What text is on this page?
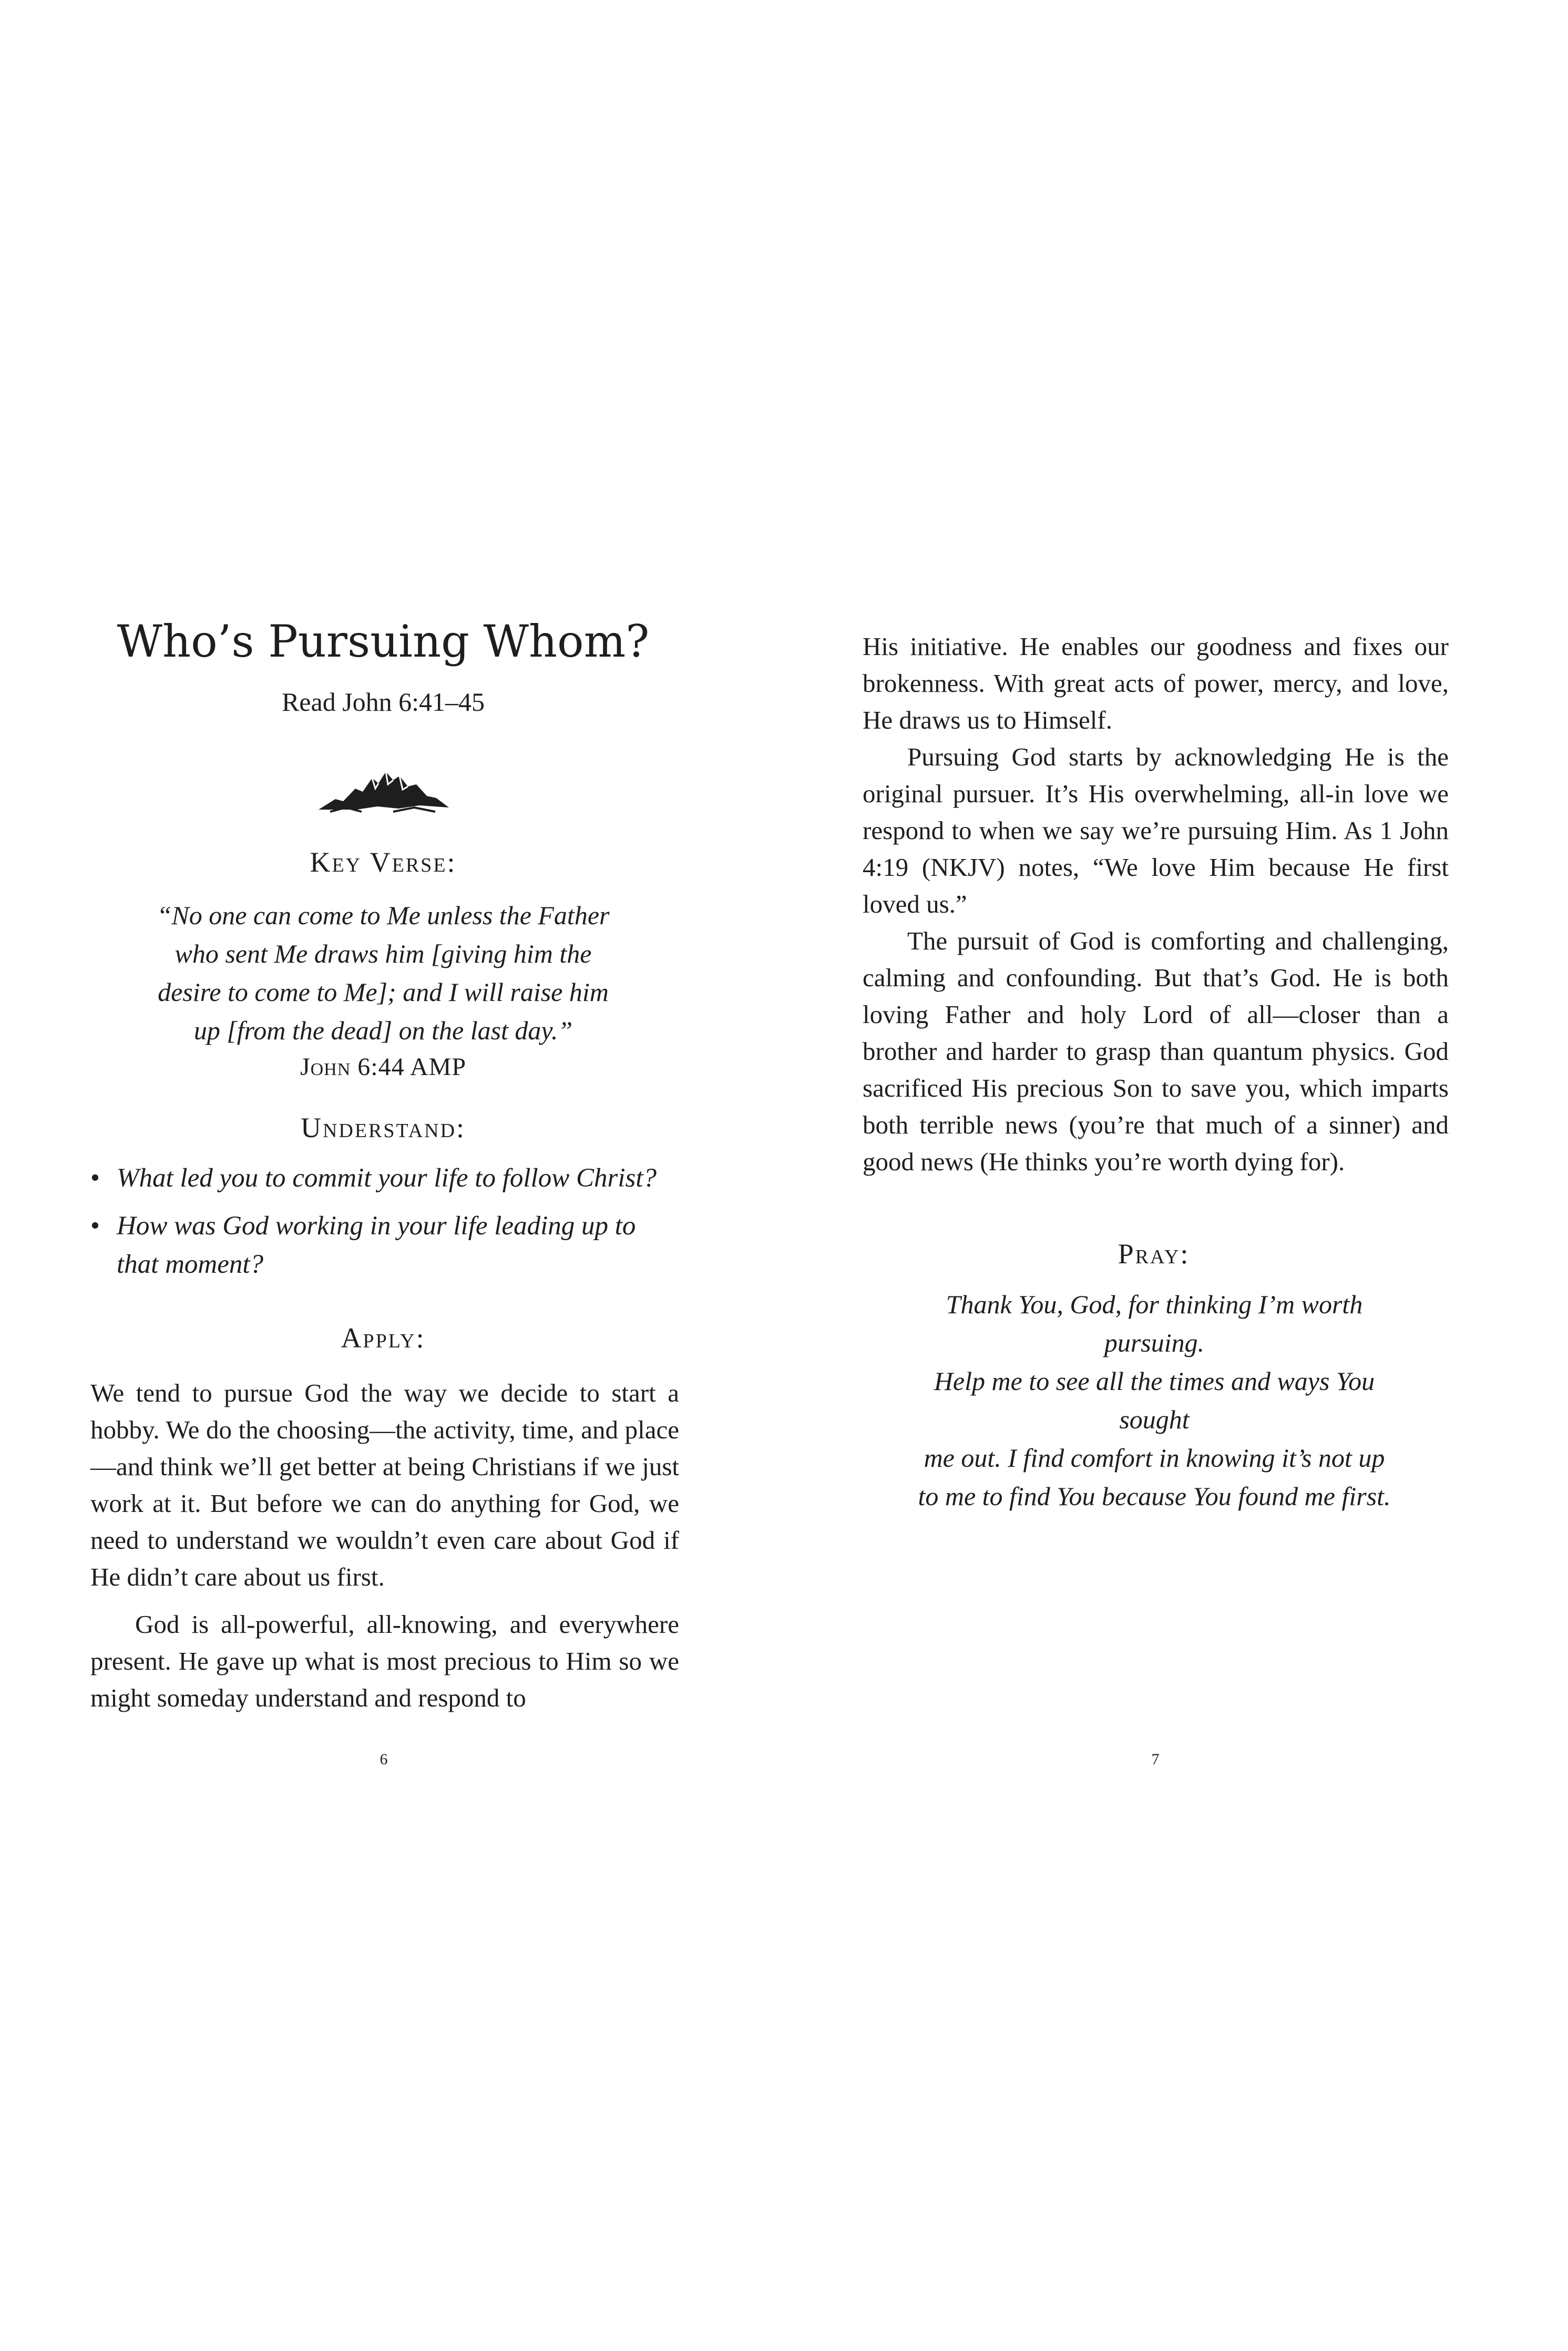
Who’s Pursuing Whom?
Read John 6:41–45
Key Verse:
“No one can come to Me unless the Father
who sent Me draws him [giving him the
desire to come to Me]; and I will raise him
up [from the dead] on the last day.”
John 6:44 AMP
Understand:
• What led you to commit your life to follow Christ?
• How was God working in your life leading up to that moment?
Apply:

We tend to pursue God the way we decide to start a hobby. We do the choosing—the activity, time, and place—and think we’ll get better at being Christians if we just work at it. But before we can do anything for God, we need to understand we wouldn’t even care about God if He didn’t care about us first.

God is all-powerful, all-knowing, and everywhere present. He gave up what is most precious to Him so we might someday understand and respond to

6

His initiative. He enables our goodness and fixes our brokenness. With great acts of power, mercy, and love, He draws us to Himself.

Pursuing God starts by acknowledging He is the original pursuer. It’s His overwhelming, all-in love we respond to when we say we’re pursuing Him. As 1 John 4:19 (NKJV) notes, “We love Him because He first loved us.”

The pursuit of God is comforting and challenging, calming and confounding. But that’s God. He is both loving Father and holy Lord of all—closer than a brother and harder to grasp than quantum physics. God sacrificed His precious Son to save you, which imparts both terrible news (you’re that much of a sinner) and good news (He thinks you’re worth dying for).

Pray:
Thank You, God, for thinking I’m worth pursuing.
Help me to see all the times and ways You sought
me out. I find comfort in knowing it’s not up
to me to find You because You found me first.
7
